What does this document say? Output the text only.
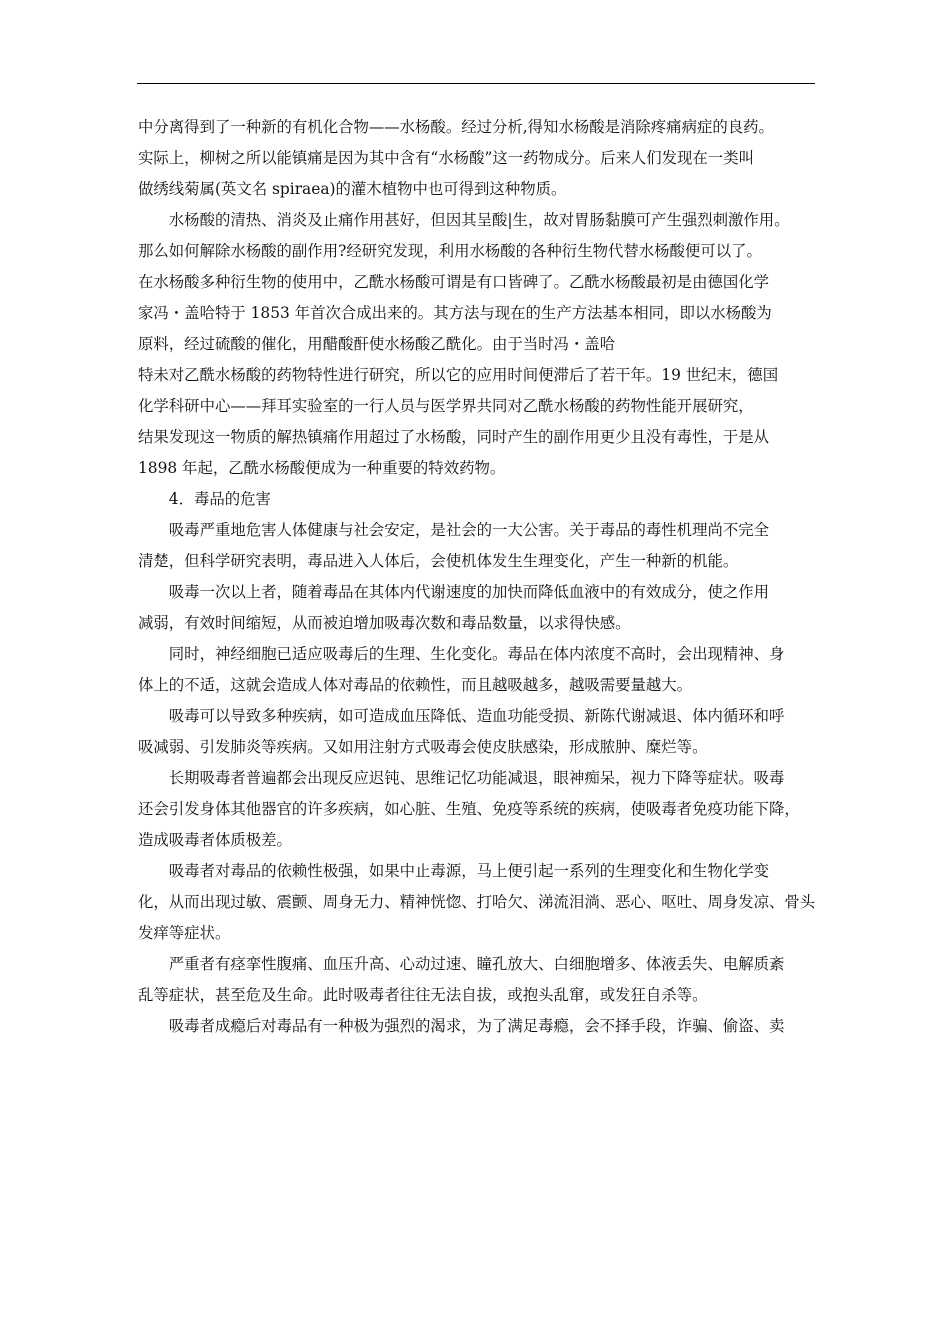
中分离得到了一种新的有机化合物——水杨酸。经过分析,得知水杨酸是消除疼痛病症的良药。

实际上，柳树之所以能镇痛是因为其中含有“水杨酸”这一药物成分。后来人们发现在一类叫

做绣线菊属(英文名 spiraea)的灌木植物中也可得到这种物质。

　　水杨酸的清热、消炎及止痛作用甚好，但因其呈酸|生，故对胃肠黏膜可产生强烈刺激作用。

那么如何解除水杨酸的副作用?经研究发现，利用水杨酸的各种衍生物代替水杨酸便可以了。

在水杨酸多种衍生物的使用中，乙酰水杨酸可谓是有口皆碑了。乙酰水杨酸最初是由德国化学

家冯・盖哈特于 1853 年首次合成出来的。其方法与现在的生产方法基本相同，即以水杨酸为

原料，经过硫酸的催化，用醋酸酐使水杨酸乙酰化。由于当时冯・盖哈

特未对乙酰水杨酸的药物特性进行研究，所以它的应用时间便滞后了若干年。19 世纪末，德国

化学科研中心——拜耳实验室的一行人员与医学界共同对乙酰水杨酸的药物性能开展研究，

结果发现这一物质的解热镇痛作用超过了水杨酸，同时产生的副作用更少且没有毒性，于是从

1898 年起，乙酰水杨酸便成为一种重要的特效药物。

　　4．毒品的危害

　　吸毒严重地危害人体健康与社会安定，是社会的一大公害。关于毒品的毒性机理尚不完全

清楚，但科学研究表明，毒品进入人体后，会使机体发生生理变化，产生一种新的机能。

　　吸毒一次以上者，随着毒品在其体内代谢速度的加快而降低血液中的有效成分，使之作用

减弱，有效时间缩短，从而被迫增加吸毒次数和毒品数量，以求得快感。

　　同时，神经细胞已适应吸毒后的生理、生化变化。毒品在体内浓度不高时，会出现精神、身

体上的不适，这就会造成人体对毒品的依赖性，而且越吸越多，越吸需要量越大。

　　吸毒可以导致多种疾病，如可造成血压降低、造血功能受损、新陈代谢减退、体内循环和呼

吸减弱、引发肺炎等疾病。又如用注射方式吸毒会使皮肤感染，形成脓肿、糜烂等。

　　长期吸毒者普遍都会出现反应迟钝、思维记忆功能减退，眼神痴呆，视力下降等症状。吸毒

还会引发身体其他器官的许多疾病，如心脏、生殖、免疫等系统的疾病，使吸毒者免疫功能下降，

造成吸毒者体质极差。

　　吸毒者对毒品的依赖性极强，如果中止毒源，马上便引起一系列的生理变化和生物化学变

化，从而出现过敏、震颤、周身无力、精神恍惚、打哈欠、涕流泪淌、恶心、呕吐、周身发凉、骨头

发痒等症状。

　　严重者有痉挛性腹痛、血压升高、心动过速、瞳孔放大、白细胞增多、体液丢失、电解质紊

乱等症状，甚至危及生命。此时吸毒者往往无法自拔，或抱头乱窜，或发狂自杀等。

　　吸毒者成瘾后对毒品有一种极为强烈的渴求，为了满足毒瘾，会不择手段，诈骗、偷盗、卖
